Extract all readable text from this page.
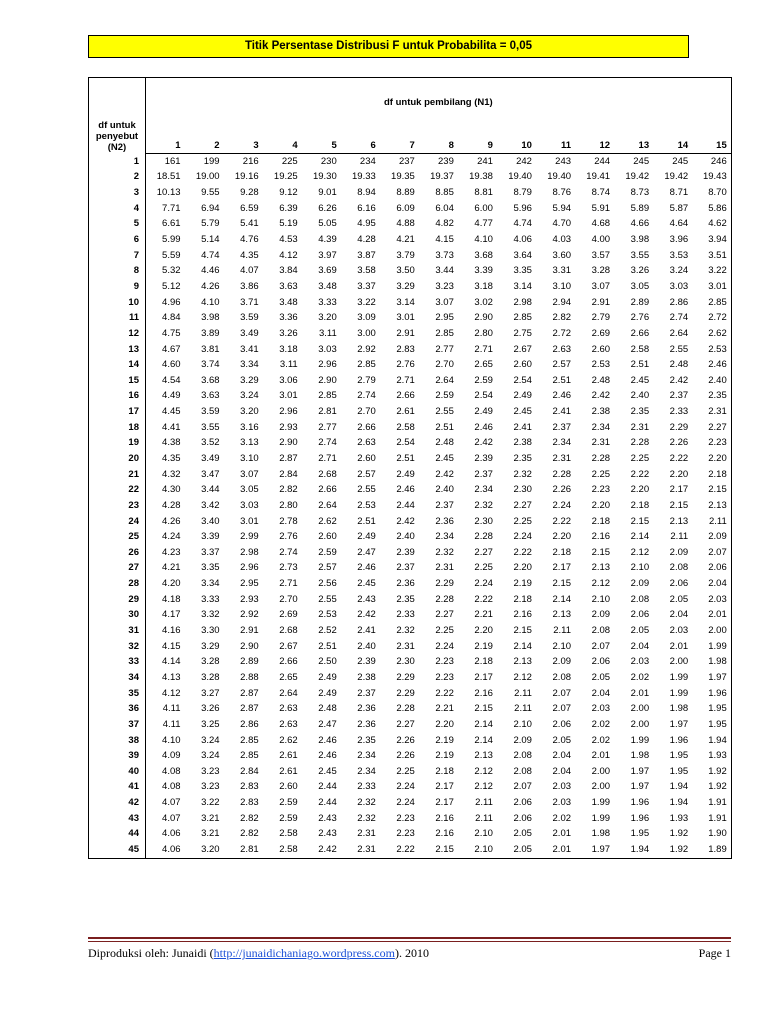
Titik Persentase Distribusi F untuk Probabilita = 0,05
df untuk
penyebut
(N2)	df untuk pembilang (N1)														
	1	2	3	4	5	6	7	8	9	10	11	12	13	14	15
1	161	199	216	225	230	234	237	239	241	242	243	244	245	245	246
2	18.51	19.00	19.16	19.25	19.30	19.33	19.35	19.37	19.38	19.40	19.40	19.41	19.42	19.42	19.43
3	10.13	9.55	9.28	9.12	9.01	8.94	8.89	8.85	8.81	8.79	8.76	8.74	8.73	8.71	8.70
4	7.71	6.94	6.59	6.39	6.26	6.16	6.09	6.04	6.00	5.96	5.94	5.91	5.89	5.87	5.86
5	6.61	5.79	5.41	5.19	5.05	4.95	4.88	4.82	4.77	4.74	4.70	4.68	4.66	4.64	4.62
6	5.99	5.14	4.76	4.53	4.39	4.28	4.21	4.15	4.10	4.06	4.03	4.00	3.98	3.96	3.94
7	5.59	4.74	4.35	4.12	3.97	3.87	3.79	3.73	3.68	3.64	3.60	3.57	3.55	3.53	3.51
8	5.32	4.46	4.07	3.84	3.69	3.58	3.50	3.44	3.39	3.35	3.31	3.28	3.26	3.24	3.22
9	5.12	4.26	3.86	3.63	3.48	3.37	3.29	3.23	3.18	3.14	3.10	3.07	3.05	3.03	3.01
10	4.96	4.10	3.71	3.48	3.33	3.22	3.14	3.07	3.02	2.98	2.94	2.91	2.89	2.86	2.85
11	4.84	3.98	3.59	3.36	3.20	3.09	3.01	2.95	2.90	2.85	2.82	2.79	2.76	2.74	2.72
12	4.75	3.89	3.49	3.26	3.11	3.00	2.91	2.85	2.80	2.75	2.72	2.69	2.66	2.64	2.62
13	4.67	3.81	3.41	3.18	3.03	2.92	2.83	2.77	2.71	2.67	2.63	2.60	2.58	2.55	2.53
14	4.60	3.74	3.34	3.11	2.96	2.85	2.76	2.70	2.65	2.60	2.57	2.53	2.51	2.48	2.46
15	4.54	3.68	3.29	3.06	2.90	2.79	2.71	2.64	2.59	2.54	2.51	2.48	2.45	2.42	2.40
16	4.49	3.63	3.24	3.01	2.85	2.74	2.66	2.59	2.54	2.49	2.46	2.42	2.40	2.37	2.35
17	4.45	3.59	3.20	2.96	2.81	2.70	2.61	2.55	2.49	2.45	2.41	2.38	2.35	2.33	2.31
18	4.41	3.55	3.16	2.93	2.77	2.66	2.58	2.51	2.46	2.41	2.37	2.34	2.31	2.29	2.27
19	4.38	3.52	3.13	2.90	2.74	2.63	2.54	2.48	2.42	2.38	2.34	2.31	2.28	2.26	2.23
20	4.35	3.49	3.10	2.87	2.71	2.60	2.51	2.45	2.39	2.35	2.31	2.28	2.25	2.22	2.20
21	4.32	3.47	3.07	2.84	2.68	2.57	2.49	2.42	2.37	2.32	2.28	2.25	2.22	2.20	2.18
22	4.30	3.44	3.05	2.82	2.66	2.55	2.46	2.40	2.34	2.30	2.26	2.23	2.20	2.17	2.15
23	4.28	3.42	3.03	2.80	2.64	2.53	2.44	2.37	2.32	2.27	2.24	2.20	2.18	2.15	2.13
24	4.26	3.40	3.01	2.78	2.62	2.51	2.42	2.36	2.30	2.25	2.22	2.18	2.15	2.13	2.11
25	4.24	3.39	2.99	2.76	2.60	2.49	2.40	2.34	2.28	2.24	2.20	2.16	2.14	2.11	2.09
26	4.23	3.37	2.98	2.74	2.59	2.47	2.39	2.32	2.27	2.22	2.18	2.15	2.12	2.09	2.07
27	4.21	3.35	2.96	2.73	2.57	2.46	2.37	2.31	2.25	2.20	2.17	2.13	2.10	2.08	2.06
28	4.20	3.34	2.95	2.71	2.56	2.45	2.36	2.29	2.24	2.19	2.15	2.12	2.09	2.06	2.04
29	4.18	3.33	2.93	2.70	2.55	2.43	2.35	2.28	2.22	2.18	2.14	2.10	2.08	2.05	2.03
30	4.17	3.32	2.92	2.69	2.53	2.42	2.33	2.27	2.21	2.16	2.13	2.09	2.06	2.04	2.01
31	4.16	3.30	2.91	2.68	2.52	2.41	2.32	2.25	2.20	2.15	2.11	2.08	2.05	2.03	2.00
32	4.15	3.29	2.90	2.67	2.51	2.40	2.31	2.24	2.19	2.14	2.10	2.07	2.04	2.01	1.99
33	4.14	3.28	2.89	2.66	2.50	2.39	2.30	2.23	2.18	2.13	2.09	2.06	2.03	2.00	1.98
34	4.13	3.28	2.88	2.65	2.49	2.38	2.29	2.23	2.17	2.12	2.08	2.05	2.02	1.99	1.97
35	4.12	3.27	2.87	2.64	2.49	2.37	2.29	2.22	2.16	2.11	2.07	2.04	2.01	1.99	1.96
36	4.11	3.26	2.87	2.63	2.48	2.36	2.28	2.21	2.15	2.11	2.07	2.03	2.00	1.98	1.95
37	4.11	3.25	2.86	2.63	2.47	2.36	2.27	2.20	2.14	2.10	2.06	2.02	2.00	1.97	1.95
38	4.10	3.24	2.85	2.62	2.46	2.35	2.26	2.19	2.14	2.09	2.05	2.02	1.99	1.96	1.94
39	4.09	3.24	2.85	2.61	2.46	2.34	2.26	2.19	2.13	2.08	2.04	2.01	1.98	1.95	1.93
40	4.08	3.23	2.84	2.61	2.45	2.34	2.25	2.18	2.12	2.08	2.04	2.00	1.97	1.95	1.92
41	4.08	3.23	2.83	2.60	2.44	2.33	2.24	2.17	2.12	2.07	2.03	2.00	1.97	1.94	1.92
42	4.07	3.22	2.83	2.59	2.44	2.32	2.24	2.17	2.11	2.06	2.03	1.99	1.96	1.94	1.91
43	4.07	3.21	2.82	2.59	2.43	2.32	2.23	2.16	2.11	2.06	2.02	1.99	1.96	1.93	1.91
44	4.06	3.21	2.82	2.58	2.43	2.31	2.23	2.16	2.10	2.05	2.01	1.98	1.95	1.92	1.90
45	4.06	3.20	2.81	2.58	2.42	2.31	2.22	2.15	2.10	2.05	2.01	1.97	1.94	1.92	1.89
Diproduksi oleh: Junaidi (http://junaidichaniago.wordpress.com). 2010	Page 1
